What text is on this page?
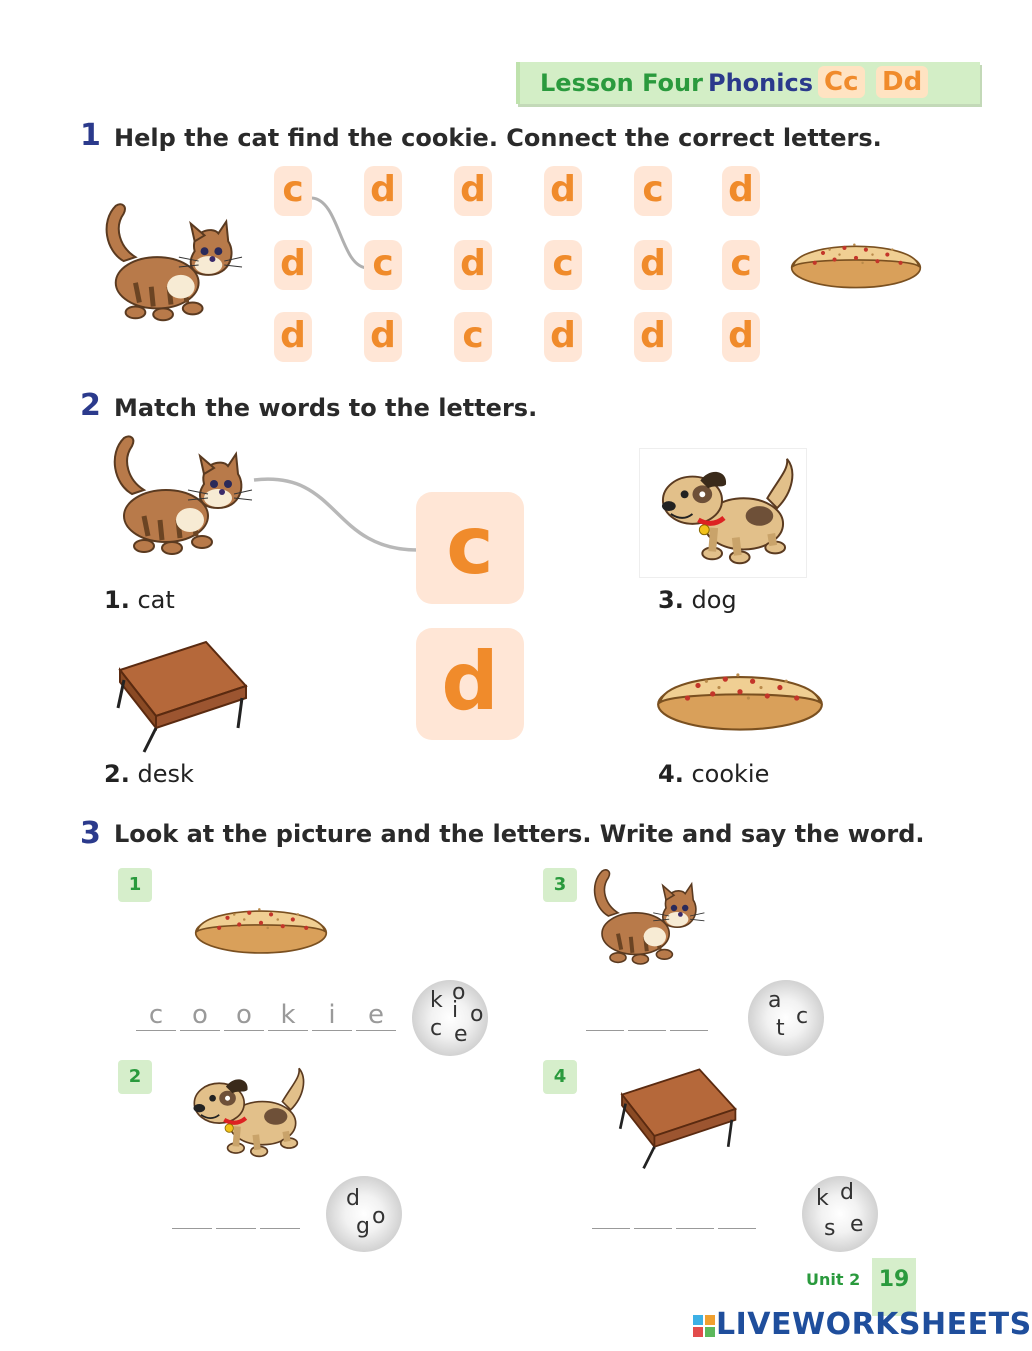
Lesson Four Phonics Cc Dd
1 Help the cat find the cookie. Connect the correct letters.
c d d d c d
d c d c d c
d d c d d d
2 Match the words to the letters.
1. cat
c
d
3. dog
2. desk	4. cookie
3 Look at the picture and the letters. Write and say the word.
1
c	o	o	k	i	e	k o
i o
c e
3
a
c
t
2
d
o
g
4
k d
s e
Unit 2 19
LIVEWORKSHEETS
